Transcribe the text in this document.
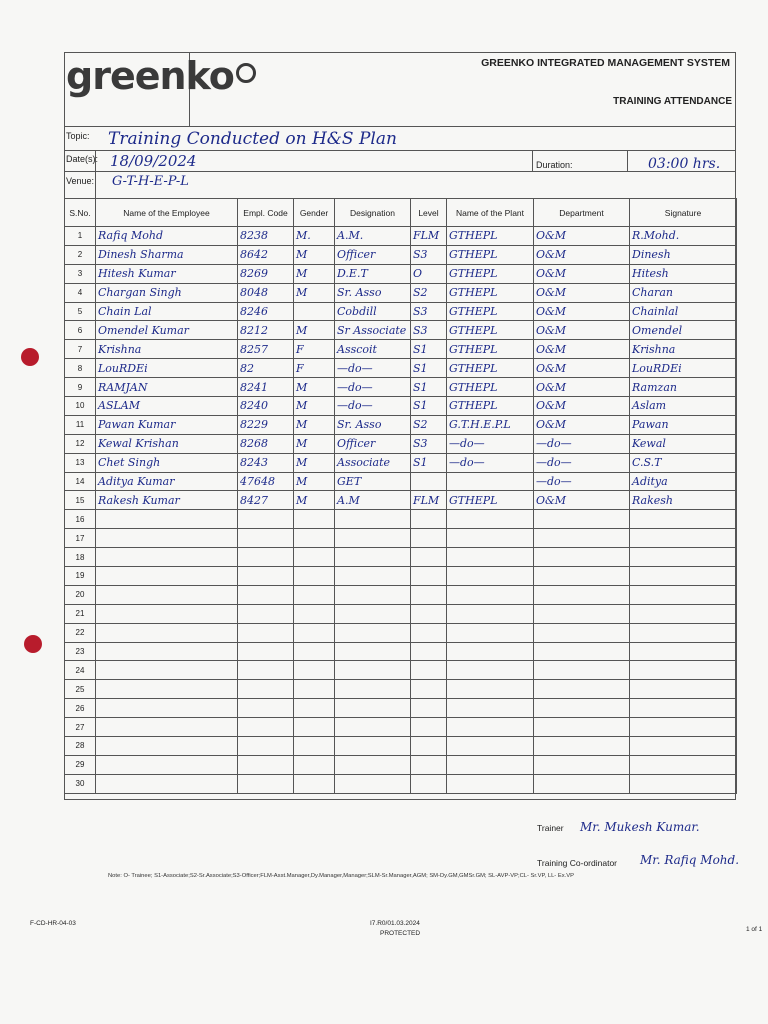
greenko	GREENKO INTEGRATED MANAGEMENT SYSTEM
TRAINING ATTENDANCE
Topic: Training Conducted on H&S Plan
Date(s): 18/09/2024	Duration:	03:00 hrs.
Venue: G-T-H-E-P-L
S.No.	Name of the Employee	Empl. Code	Gender	Designation	Level	Name of the Plant	Department	Signature
1	Rafiq Mohd	8238	M.	A.M.	FLM	GTHEPL	O&M	R.Mohd.
2	Dinesh Sharma	8642	M	Officer	S3	GTHEPL	O&M	Dinesh
3	Hitesh Kumar	8269	M	D.E.T	O	GTHEPL	O&M	Hitesh
4	Chargan Singh	8048	M	Sr. Asso	S2	GTHEPL	O&M	Charan
5	Chain Lal	8246		Cobdill	S3	GTHEPL	O&M	Chainlal
6	Omendel Kumar	8212	M	Sr Associate	S3	GTHEPL	O&M	Omendel
7	Krishna	8257	F	Asscoit	S1	GTHEPL	O&M	Krishna
8	LouRDEi	82	F	—do—	S1	GTHEPL	O&M	LouRDEi
9	RAMJAN	8241	M	—do—	S1	GTHEPL	O&M	Ramzan
10	ASLAM	8240	M	—do—	S1	GTHEPL	O&M	Aslam
11	Pawan Kumar	8229	M	Sr. Asso	S2	G.T.H.E.P.L	O&M	Pawan
12	Kewal Krishan	8268	M	Officer	S3	—do—	—do—	Kewal
13	Chet Singh	8243	M	Associate	S1	—do—	—do—	C.S.T
14	Aditya Kumar	47648	M	GET			—do—	Aditya
15	Rakesh Kumar	8427	M	A.M	FLM	GTHEPL	O&M	Rakesh
16								
17								
18								
19								
20								
21								
22								
23								
24								
25								
26								
27								
28								
29								
30								
Trainer Mr. Mukesh Kumar.
Training Co-ordinator Mr. Rafiq Mohd.
Note: O- Trainee; S1-Associate;S2-Sr.Associate;S3-Officer;FLM-Asst.Manager,Dy.Manager,Manager;SLM-Sr.Manager,AGM; SM-Dy.GM,GMSr.GM; SL-AVP-VP;CL- Sr.VP, LL- Ex.VP
F-CD-HR-04-03	I7.R0/01.03.2024
PROTECTED
1 of 1
